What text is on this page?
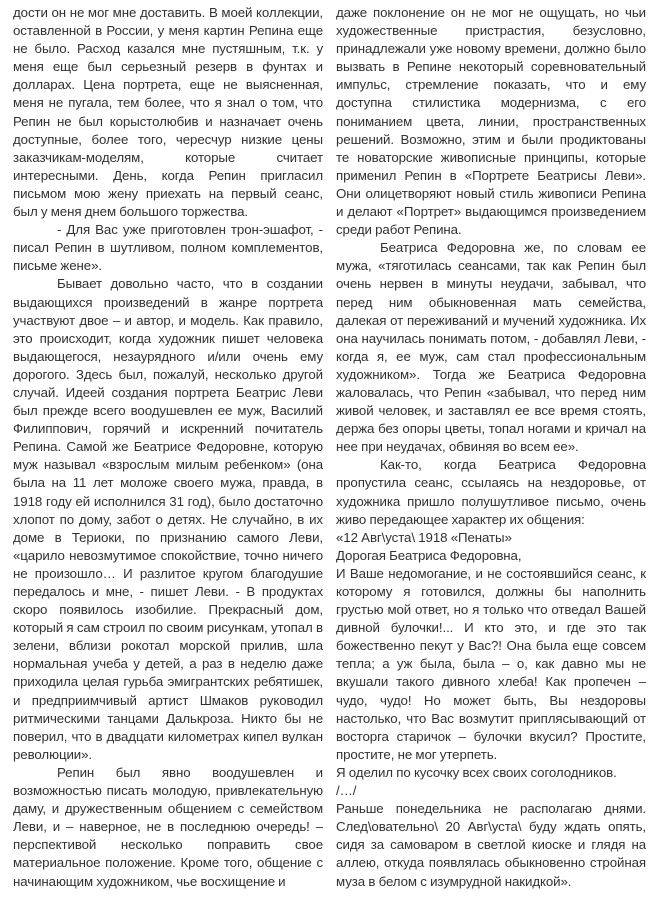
дости он не мог мне доставить. В моей коллекции, оставленной в России, у меня картин Репина еще не было. Расход казался мне пустяшным, т.к. у меня еще был серьезный резерв в фунтах и долларах. Цена портрета, еще не выясненная, меня не пугала, тем более, что я знал о том, что Репин не был корыстолюбив и назначает очень доступные, более того, чересчур низкие цены заказчикам-моделям, которые считает интересными. День, когда Репин пригласил письмом мою жену приехать на первый сеанс, был у меня днем большого торжества.

- Для Вас уже приготовлен трон-эшафот, - писал Репин в шутливом, полном комплементов, письме жене».

Бывает довольно часто, что в создании выдающихся произведений в жанре портрета участвуют двое – и автор, и модель. Как правило, это происходит, когда художник пишет человека выдающегося, незаурядного и/или очень ему дорогого. Здесь был, пожалуй, несколько другой случай. Идеей создания портрета Беатрис Леви был прежде всего воодушевлен ее муж, Василий Филиппович, горячий и искренний почитатель Репина. Самой же Беатрисе Федоровне, которую муж называл «взрослым милым ребенком» (она была на 11 лет моложе своего мужа, правда, в 1918 году ей исполнился 31 год), было достаточно хлопот по дому, забот о детях. Не случайно, в их доме в Териоки, по признанию самого Леви, «царило невозмутимое спокойствие, точно ничего не произошло… И разлитое кругом благодушие передалось и мне, - пишет Леви. - В продуктах скоро появилось изобилие. Прекрасный дом, который я сам строил по своим рисункам, утопал в зелени, вблизи рокотал морской прилив, шла нормальная учеба у детей, а раз в неделю даже приходила целая гурьба эмигрантских ребятишек, и предприимчивый артист Шмаков руководил ритмическими танцами Далькроза. Никто бы не поверил, что в двадцати километрах кипел вулкан революции».

Репин был явно воодушевлен и возможностью писать молодую, привлекательную даму, и дружественным общением с семейством Леви, и – наверное, не в последнюю очередь! – перспективой несколько поправить свое материальное положение. Кроме того, общение с начинающим художником, чье восхищение и

даже поклонение он не мог не ощущать, но чьи художественные пристрастия, безусловно, принадлежали уже новому времени, должно было вызвать в Репине некоторый соревновательный импульс, стремление показать, что и ему доступна стилистика модернизма, с его пониманием цвета, линии, пространственных решений. Возможно, этим и были продиктованы те новаторские живописные принципы, которые применил Репин в «Портрете Беатрисы Леви». Они олицетворяют новый стиль живописи Репина и делают «Портрет» выдающимся произведением среди работ Репина.

Беатриса Федоровна же, по словам ее мужа, «тяготилась сеансами, так как Репин был очень нервен в минуты неудачи, забывал, что перед ним обыкновенная мать семейства, далекая от переживаний и мучений художника. Их она научилась понимать потом, - добавлял Леви, - когда я, ее муж, сам стал профессиональным художником». Тогда же Беатриса Федоровна жаловалась, что Репин «забывал, что перед ним живой человек, и заставлял ее все время стоять, держа без опоры цветы, топал ногами и кричал на нее при неудачах, обвиняя во всем ее».

Как-то, когда Беатриса Федоровна пропустила сеанс, ссылаясь на нездоровье, от художника пришло полушутливое письмо, очень живо передающее характер их общения:

«12 Авг\уста\ 1918 «Пенаты»

Дорогая Беатриса Федоровна,

И Ваше недомогание, и не состоявшийся сеанс, к которому я готовился, должны бы наполнить грустью мой ответ, но я только что отведал Вашей дивной булочки!... И кто это, и где это так божественно пекут у Вас?! Она была еще совсем тепла; а уж была, была – о, как давно мы не вкушали такого дивного хлеба! Как пропечен – чудо, чудо! Но может быть, Вы нездоровы настолько, что Вас возмутит приплясывающий от восторга старичок – булочки вкусил? Простите, простите, не мог утерпеть.

Я оделил по кусочку всех своих соголодников.

/…/

Раньше понедельника не располагаю днями. След\овательно\ 20 Авг\уста\ буду ждать опять, сидя за самоваром в светлой киоске и глядя на аллею, откуда появлялась обыкновенно стройная муза в белом с изумрудной накидкой».
